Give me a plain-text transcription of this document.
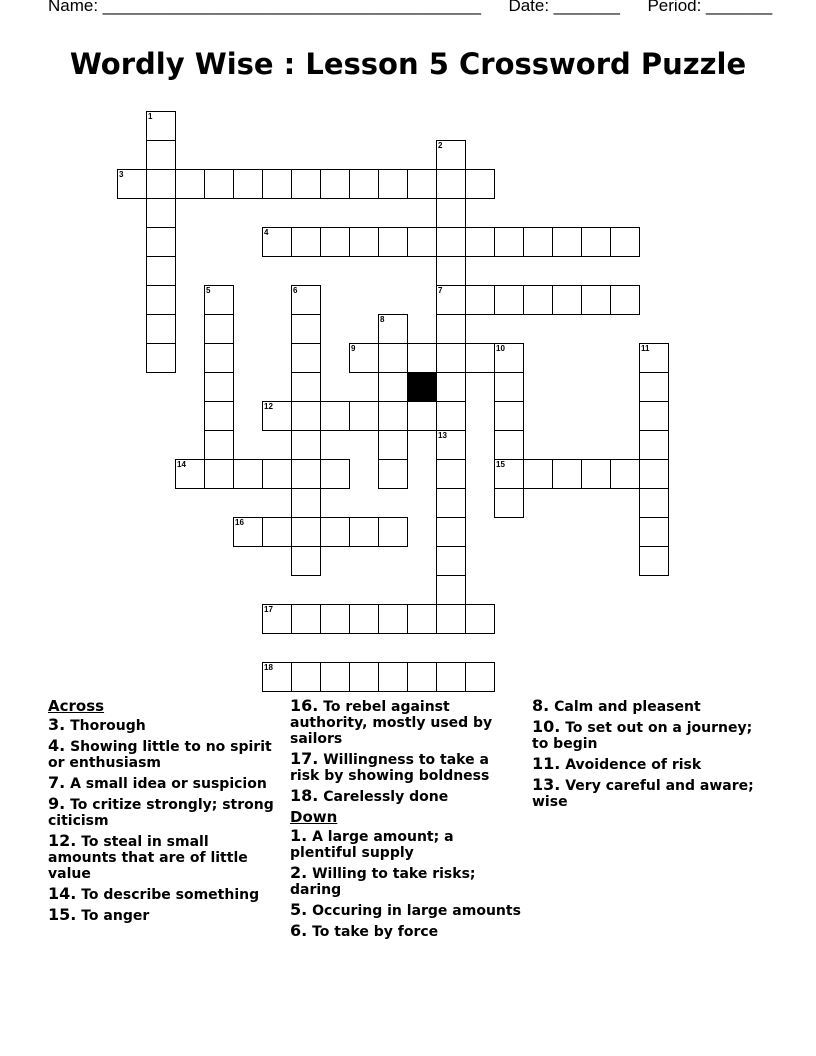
Name: ________________________________________ Date: _______ Period: _______
Wordly Wise : Lesson 5 Crossword Puzzle
1
2
7
13
3
4
5	6
8
9	10
15
11
12
14
16
17
18
Across
3. Thorough
4. Showing little to no spirit or enthusiasm
7. A small idea or suspicion
9. To critize strongly; strong citicism
12. To steal in small amounts that are of little value
14. To describe something
15. To anger
16. To rebel against authority, mostly used by sailors
17. Willingness to take a risk by showing boldness
18. Carelessly done
Down
1. A large amount; a plentiful supply
2. Willing to take risks; daring
5. Occuring in large amounts
6. To take by force
8. Calm and pleasent
10. To set out on a journey; to begin
11. Avoidence of risk
13. Very careful and aware; wise
